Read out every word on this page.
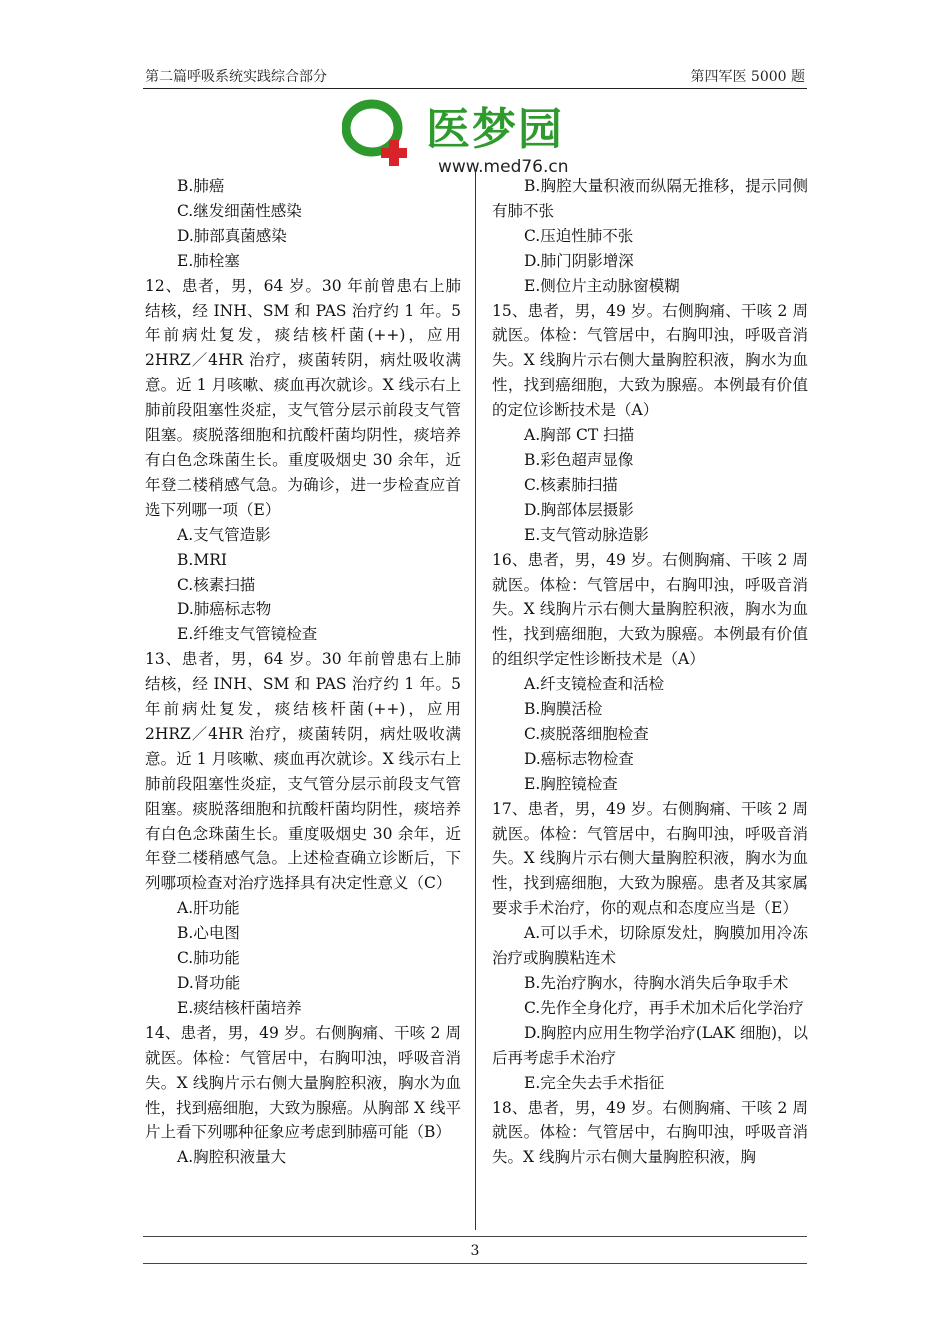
第二篇呼吸系统实践综合部分	第四军医 5000 题
医梦园
www.med76.cn

B.肺癌

C.继发细菌性感染

D.肺部真菌感染

E.肺栓塞

12、患者，男，64 岁。30 年前曾患右上肺结核，经 INH、SM 和 PAS 治疗约 1 年。5 年前病灶复发，痰结核杆菌(++)，应用 2HRZ／4HR 治疗，痰菌转阴，病灶吸收满意。近 1 月咳嗽、痰血再次就诊。X 线示右上肺前段阻塞性炎症，支气管分层示前段支气管阻塞。痰脱落细胞和抗酸杆菌均阴性，痰培养有白色念珠菌生长。重度吸烟史 30 余年，近年登二楼稍感气急。为确诊，进一步检查应首选下列哪一项（E）

A.支气管造影

B.MRI

C.核素扫描

D.肺癌标志物

E.纤维支气管镜检查

13、患者，男，64 岁。30 年前曾患右上肺结核，经 INH、SM 和 PAS 治疗约 1 年。5 年前病灶复发，痰结核杆菌(++)，应用 2HRZ／4HR 治疗，痰菌转阴，病灶吸收满意。近 1 月咳嗽、痰血再次就诊。X 线示右上肺前段阻塞性炎症，支气管分层示前段支气管阻塞。痰脱落细胞和抗酸杆菌均阴性，痰培养有白色念珠菌生长。重度吸烟史 30 余年，近年登二楼稍感气急。上述检查确立诊断后，下列哪项检查对治疗选择具有决定性意义（C）

A.肝功能

B.心电图

C.肺功能

D.肾功能

E.痰结核杆菌培养

14、患者，男，49 岁。右侧胸痛、干咳 2 周就医。体检：气管居中，右胸叩浊，呼吸音消失。X 线胸片示右侧大量胸腔积液，胸水为血性，找到癌细胞，大致为腺癌。从胸部 X 线平片上看下列哪种征象应考虑到肺癌可能（B）

A.胸腔积液量大

B.胸腔大量积液而纵隔无推移，提示同侧有肺不张

C.压迫性肺不张

D.肺门阴影增深

E.侧位片主动脉窗模糊

15、患者，男，49 岁。右侧胸痛、干咳 2 周就医。体检：气管居中，右胸叩浊，呼吸音消失。X 线胸片示右侧大量胸腔积液，胸水为血性，找到癌细胞，大致为腺癌。本例最有价值的定位诊断技术是（A）

A.胸部 CT 扫描

B.彩色超声显像

C.核素肺扫描

D.胸部体层摄影

E.支气管动脉造影

16、患者，男，49 岁。右侧胸痛、干咳 2 周就医。体检：气管居中，右胸叩浊，呼吸音消失。X 线胸片示右侧大量胸腔积液，胸水为血性，找到癌细胞，大致为腺癌。本例最有价值的组织学定性诊断技术是（A）

A.纤支镜检查和活检

B.胸膜活检

C.痰脱落细胞检查

D.癌标志物检查

E.胸腔镜检查

17、患者，男，49 岁。右侧胸痛、干咳 2 周就医。体检：气管居中，右胸叩浊，呼吸音消失。X 线胸片示右侧大量胸腔积液，胸水为血性，找到癌细胞，大致为腺癌。患者及其家属要求手术治疗，你的观点和态度应当是（E）

A.可以手术，切除原发灶，胸膜加用冷冻治疗或胸膜粘连术

B.先治疗胸水，待胸水消失后争取手术

C.先作全身化疗，再手术加术后化学治疗

D.胸腔内应用生物学治疗(LAK 细胞)，以后再考虑手术治疗

E.完全失去手术指征

18、患者，男，49 岁。右侧胸痛、干咳 2 周就医。体检：气管居中，右胸叩浊，呼吸音消失。X 线胸片示右侧大量胸腔积液，胸

3
